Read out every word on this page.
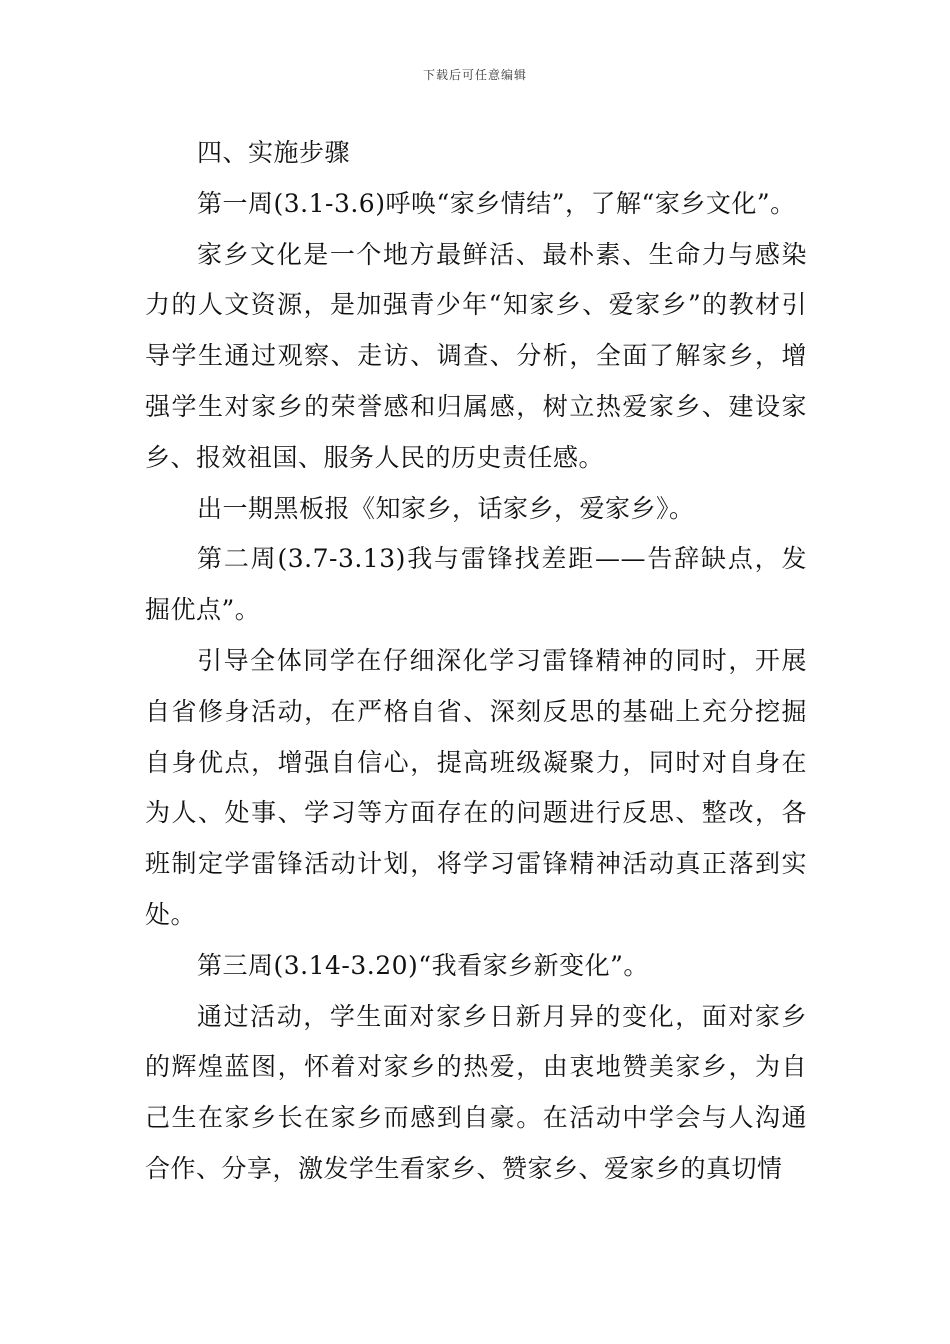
下载后可任意编辑

四、实施步骤

第一周(3.1-3.6)呼唤“家乡情结”，了解“家乡文化”。

家乡文化是一个地方最鲜活、最朴素、生命力与感染力的人文资源，是加强青少年“知家乡、爱家乡”的教材引导学生通过观察、走访、调查、分析，全面了解家乡，增强学生对家乡的荣誉感和归属感，树立热爱家乡、建设家乡、报效祖国、服务人民的历史责任感。

出一期黑板报《知家乡，话家乡，爱家乡》。

第二周(3.7-3.13)我与雷锋找差距——告辞缺点，发掘优点”。

引导全体同学在仔细深化学习雷锋精神的同时，开展自省修身活动，在严格自省、深刻反思的基础上充分挖掘自身优点，增强自信心，提高班级凝聚力，同时对自身在为人、处事、学习等方面存在的问题进行反思、整改，各班制定学雷锋活动计划，将学习雷锋精神活动真正落到实处。

第三周(3.14-3.20)“我看家乡新变化”。

通过活动，学生面对家乡日新月异的变化，面对家乡的辉煌蓝图，怀着对家乡的热爱，由衷地赞美家乡，为自己生在家乡长在家乡而感到自豪。在活动中学会与人沟通合作、分享，激发学生看家乡、赞家乡、爱家乡的真切情
